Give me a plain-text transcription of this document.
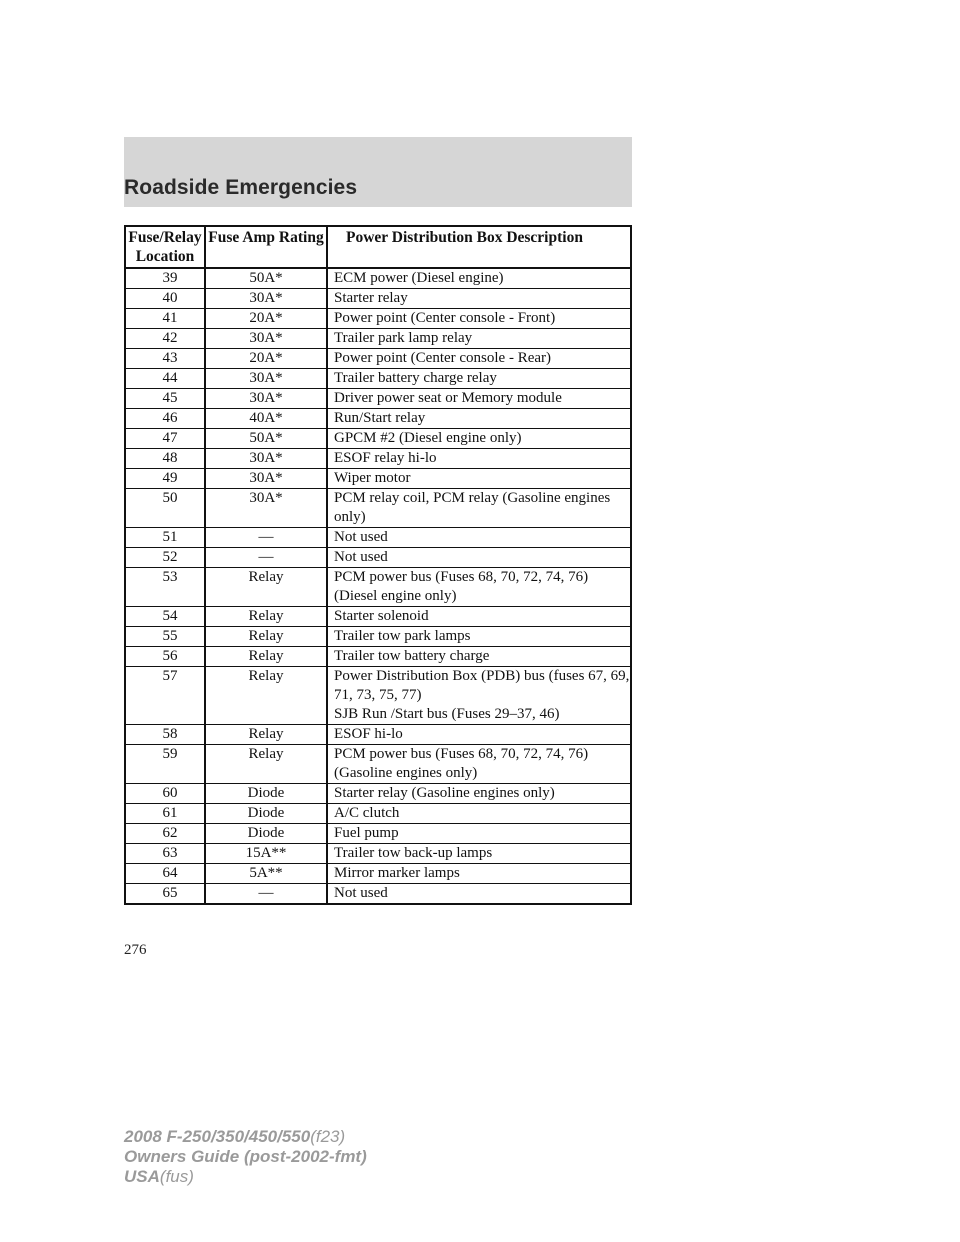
Roadside Emergencies
Fuse/Relay Location	Fuse Amp Rating	Power Distribution Box Description
39	50A*	ECM power (Diesel engine)
40	30A*	Starter relay
41	20A*	Power point (Center console - Front)
42	30A*	Trailer park lamp relay
43	20A*	Power point (Center console - Rear)
44	30A*	Trailer battery charge relay
45	30A*	Driver power seat or Memory module
46	40A*	Run/Start relay
47	50A*	GPCM #2 (Diesel engine only)
48	30A*	ESOF relay hi-lo
49	30A*	Wiper motor
50	30A*	PCM relay coil, PCM relay (Gasoline engines only)
51	—	Not used
52	—	Not used
53	Relay	PCM power bus (Fuses 68, 70, 72, 74, 76) (Diesel engine only)
54	Relay	Starter solenoid
55	Relay	Trailer tow park lamps
56	Relay	Trailer tow battery charge
57	Relay	Power Distribution Box (PDB) bus (fuses 67, 69, 71, 73, 75, 77)
SJB Run /Start bus (Fuses 29–37, 46)
58	Relay	ESOF hi-lo
59	Relay	PCM power bus (Fuses 68, 70, 72, 74, 76) (Gasoline engines only)
60	Diode	Starter relay (Gasoline engines only)
61	Diode	A/C clutch
62	Diode	Fuel pump
63	15A**	Trailer tow back-up lamps
64	5A**	Mirror marker lamps
65	—	Not used
276
2008 F-250/350/450/550(f23)
Owners Guide (post-2002-fmt)
USA(fus)
